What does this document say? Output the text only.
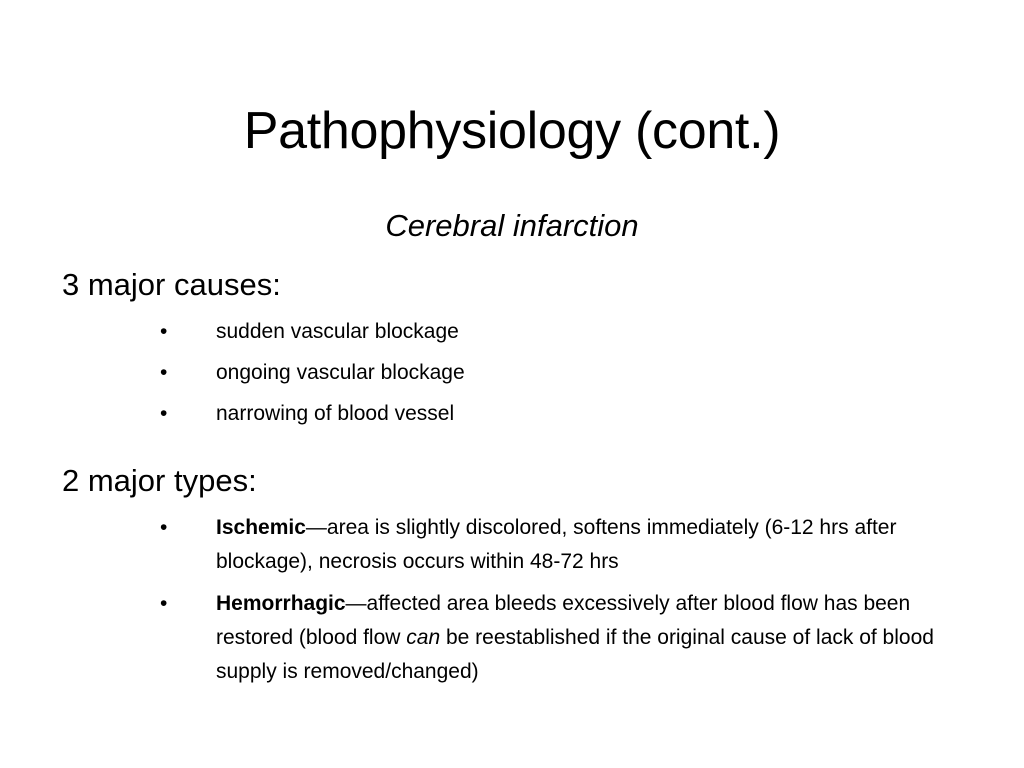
Pathophysiology (cont.)
Cerebral infarction
3 major causes:
•	sudden vascular blockage
•	ongoing vascular blockage
•	narrowing of blood vessel
2 major types:
•	Ischemic—area is slightly discolored, softens immediately (6-12 hrs after blockage), necrosis occurs within 48-72 hrs
•	Hemorrhagic—affected area bleeds excessively after blood flow has been restored (blood flow can be reestablished if the original cause of lack of blood supply is removed/changed)
